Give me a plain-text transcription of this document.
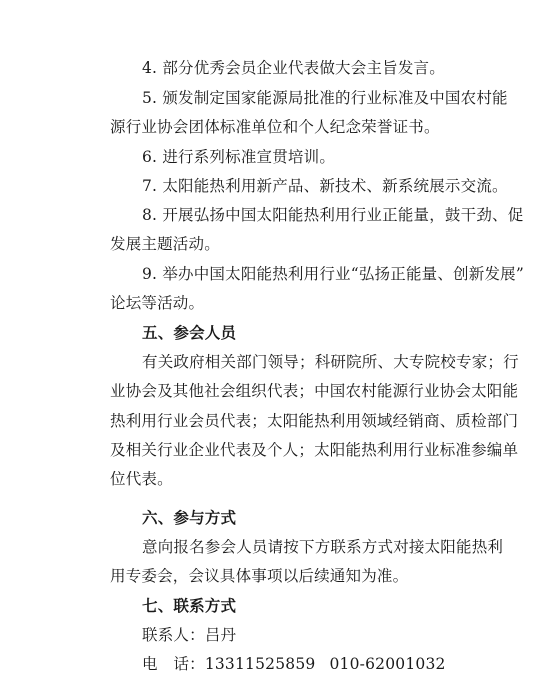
4. 部分优秀会员企业代表做大会主旨发言。
5. 颁发制定国家能源局批准的行业标准及中国农村能
源行业协会团体标准单位和个人纪念荣誉证书。
6. 进行系列标准宣贯培训。
7. 太阳能热利用新产品、新技术、新系统展示交流。
8. 开展弘扬中国太阳能热利用行业正能量，鼓干劲、促
发展主题活动。
9. 举办中国太阳能热利用行业“弘扬正能量、创新发展”
论坛等活动。
五、参会人员
有关政府相关部门领导；科研院所、大专院校专家；行
业协会及其他社会组织代表；中国农村能源行业协会太阳能
热利用行业会员代表；太阳能热利用领域经销商、质检部门
及相关行业企业代表及个人；太阳能热利用行业标准参编单
位代表。
六、参与方式
意向报名参会人员请按下方联系方式对接太阳能热利
用专委会，会议具体事项以后续通知为准。
七、联系方式
联系人：吕丹
电　话：13311525859 010-62001032
